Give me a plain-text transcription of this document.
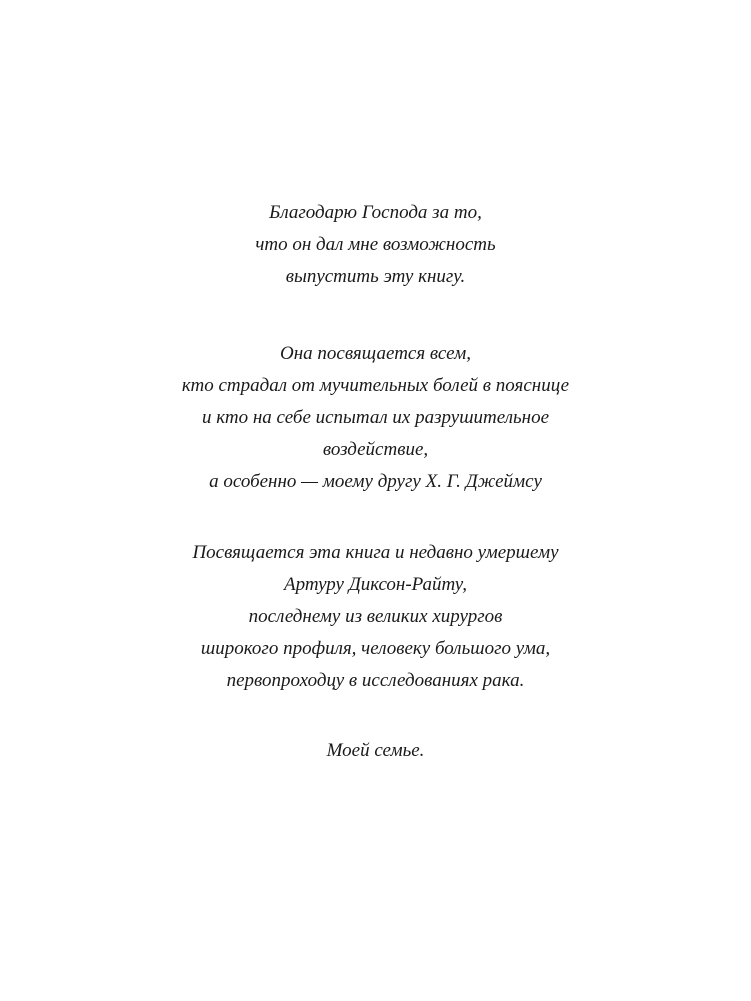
Благодарю Господа за то,
что он дал мне возможность
выпустить эту книгу.

Она посвящается всем,
кто страдал от мучительных болей в пояснице
и кто на себе испытал их разрушительное
воздействие,
а особенно — моему другу Х. Г. Джеймсу

Посвящается эта книга и недавно умершему
Артуру Диксон-Райту,
последнему из великих хирургов
широкого профиля, человеку большого ума,
первопроходцу в исследованиях рака.

Моей семье.
